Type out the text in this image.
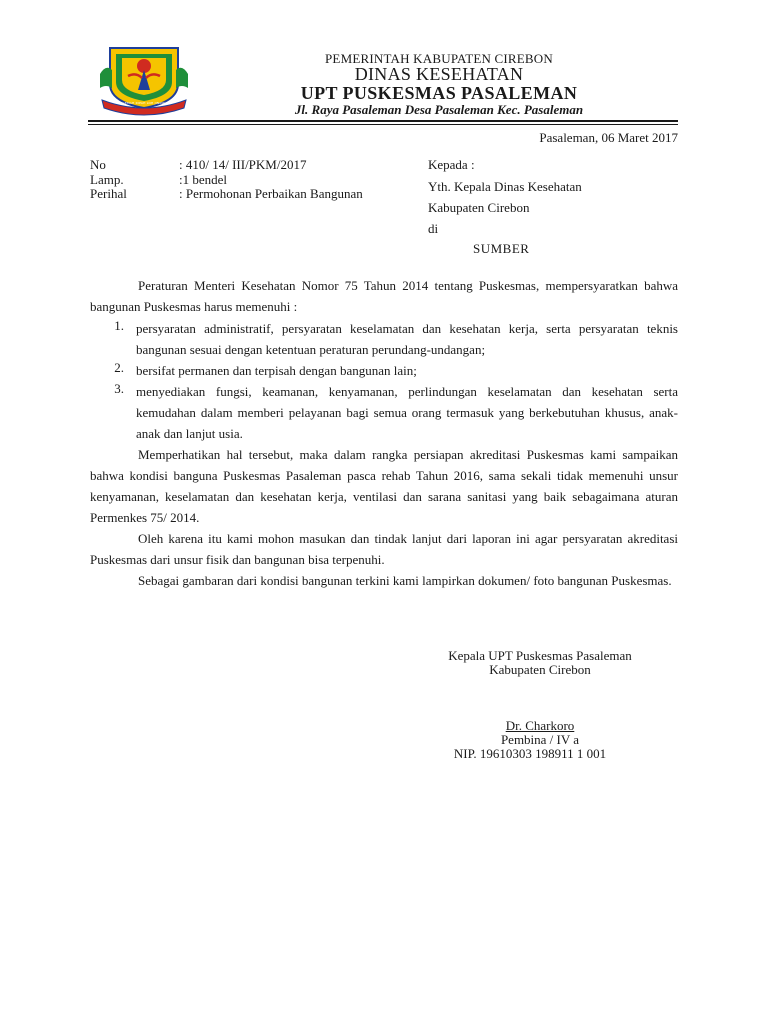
GEMAH RIPAH LOH JINAWI
PEMERINTAH KABUPATEN CIREBON
DINAS KESEHATAN
UPT PUSKESMAS PASALEMAN
Jl. Raya Pasaleman Desa Pasaleman Kec. Pasaleman
Pasaleman, 06 Maret 2017
No	: 410/ 14/ III/PKM/2017
Lamp.	:1 bendel
Perihal	: Permohonan Perbaikan Bangunan
Kepada :
Yth. Kepala Dinas Kesehatan
Kabupaten Cirebon
di
SUMBER
Peraturan Menteri Kesehatan Nomor 75 Tahun 2014 tentang Puskesmas, mempersyaratkan bahwa bangunan Puskesmas harus memenuhi :
1. persyaratan administratif, persyaratan keselamatan dan kesehatan kerja, serta persyaratan teknis bangunan sesuai dengan ketentuan peraturan perundang-undangan;
2. bersifat permanen dan terpisah dengan bangunan lain;
3. menyediakan fungsi, keamanan, kenyamanan, perlindungan keselamatan dan kesehatan serta kemudahan dalam memberi pelayanan bagi semua orang termasuk yang berkebutuhan khusus, anak-anak dan lanjut usia.
Memperhatikan hal tersebut, maka dalam rangka persiapan akreditasi Puskesmas kami sampaikan bahwa kondisi banguna Puskesmas Pasaleman pasca rehab Tahun 2016, sama sekali tidak memenuhi unsur kenyamanan, keselamatan dan kesehatan kerja, ventilasi dan sarana sanitasi yang baik sebagaimana aturan Permenkes 75/ 2014.
Oleh karena itu kami mohon masukan dan tindak lanjut dari laporan ini agar persyaratan akreditasi Puskesmas dari unsur fisik dan bangunan bisa terpenuhi.
Sebagai gambaran dari kondisi bangunan terkini kami lampirkan dokumen/ foto bangunan Puskesmas.
Kepala UPT Puskesmas Pasaleman
Kabupaten Cirebon
Dr. Charkoro
Pembina / IV a
NIP. 19610303 198911 1 001
